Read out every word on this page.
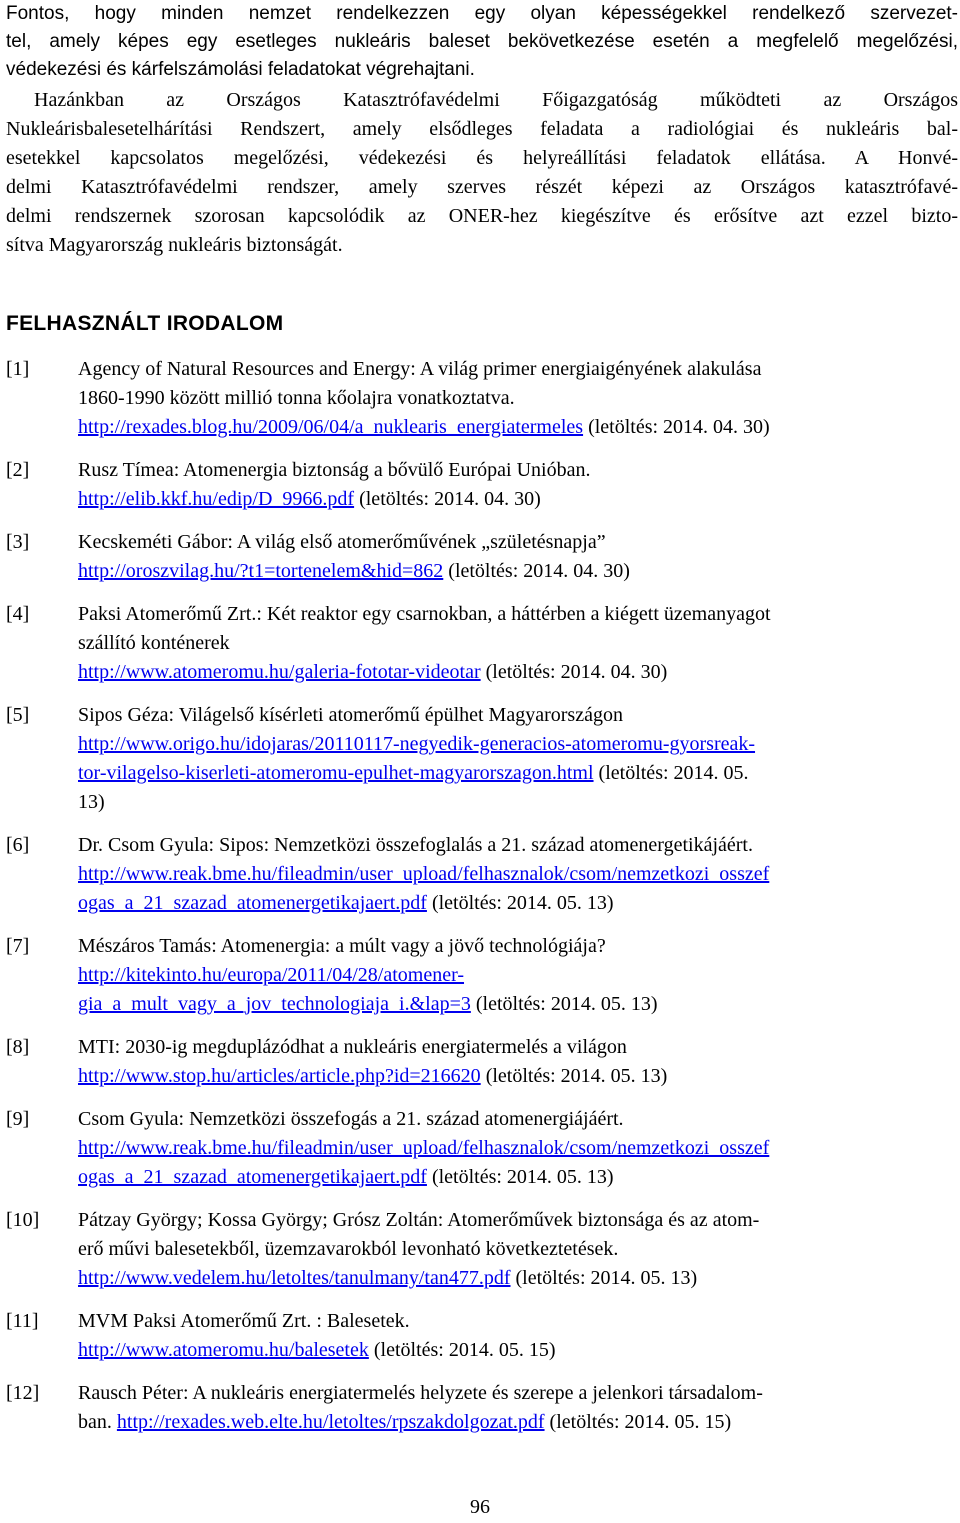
Fontos, hogy minden nemzet rendelkezzen egy olyan képességekkel rendelkező szervezet-
tel, amely képes egy esetleges nukleáris baleset bekövetkezése esetén a megfelelő megelőzési,
védekezési és kárfelszámolási feladatokat végrehajtani.
Hazánkban az Országos Katasztrófavédelmi Főigazgatóság működteti az Országos
Nukleárisbalesetelhárítási Rendszert, amely elsődleges feladata a radiológiai és nukleáris bal-
esetekkel kapcsolatos megelőzési, védekezési és helyreállítási feladatok ellátása. A Honvé-
delmi Katasztrófavédelmi rendszer, amely szerves részét képezi az Országos katasztrófavé-
delmi rendszernek szorosan kapcsolódik az ONER-hez kiegészítve és erősítve azt ezzel bizto-
sítva Magyarország nukleáris biztonságát.
FELHASZNÁLT IRODALOM
[1] Agency of Natural Resources and Energy: A világ primer energiaigényének alakulása
1860-1990 között millió tonna kőolajra vonatkoztatva.
http://rexades.blog.hu/2009/06/04/a_nuklearis_energiatermeles (letöltés: 2014. 04. 30)
[2] Rusz Tímea: Atomenergia biztonság a bővülő Európai Unióban.
http://elib.kkf.hu/edip/D_9966.pdf (letöltés: 2014. 04. 30)
[3] Kecskeméti Gábor: A világ első atomerőművének „születésnapja”
http://oroszvilag.hu/?t1=tortenelem&hid=862 (letöltés: 2014. 04. 30)
[4] Paksi Atomerőmű Zrt.: Két reaktor egy csarnokban, a háttérben a kiégett üzemanyagot
szállító konténerek
http://www.atomeromu.hu/galeria-fototar-videotar (letöltés: 2014. 04. 30)
[5] Sipos Géza: Világelső kísérleti atomerőmű épülhet Magyarországon
http://www.origo.hu/idojaras/20110117-negyedik-generacios-atomeromu-gyorsreak-
tor-vilagelso-kiserleti-atomeromu-epulhet-magyarorszagon.html (letöltés: 2014. 05.
13)
[6] Dr. Csom Gyula: Sipos: Nemzetközi összefoglalás a 21. század atomenergetikájáért.
http://www.reak.bme.hu/fileadmin/user_upload/felhasznalok/csom/nemzetkozi_osszef
ogas_a_21_szazad_atomenergetikajaert.pdf (letöltés: 2014. 05. 13)
[7] Mészáros Tamás: Atomenergia: a múlt vagy a jövő technológiája?
http://kitekinto.hu/europa/2011/04/28/atomener-
gia_a_mult_vagy_a_jov_technologiaja_i.&lap=3 (letöltés: 2014. 05. 13)
[8] MTI: 2030-ig megduplázódhat a nukleáris energiatermelés a világon
http://www.stop.hu/articles/article.php?id=216620 (letöltés: 2014. 05. 13)
[9] Csom Gyula: Nemzetközi összefogás a 21. század atomenergiájáért.
http://www.reak.bme.hu/fileadmin/user_upload/felhasznalok/csom/nemzetkozi_osszef
ogas_a_21_szazad_atomenergetikajaert.pdf (letöltés: 2014. 05. 13)
[10] Pátzay György; Kossa György; Grósz Zoltán: Atomerőművek biztonsága és az atom-
erő művi balesetekből, üzemzavarokból levonható következtetések.
http://www.vedelem.hu/letoltes/tanulmany/tan477.pdf (letöltés: 2014. 05. 13)
[11] MVM Paksi Atomerőmű Zrt. : Balesetek.
http://www.atomeromu.hu/balesetek (letöltés: 2014. 05. 15)
[12] Rausch Péter: A nukleáris energiatermelés helyzete és szerepe a jelenkori társadalom-
ban. http://rexades.web.elte.hu/letoltes/rpszakdolgozat.pdf (letöltés: 2014. 05. 15)
96
